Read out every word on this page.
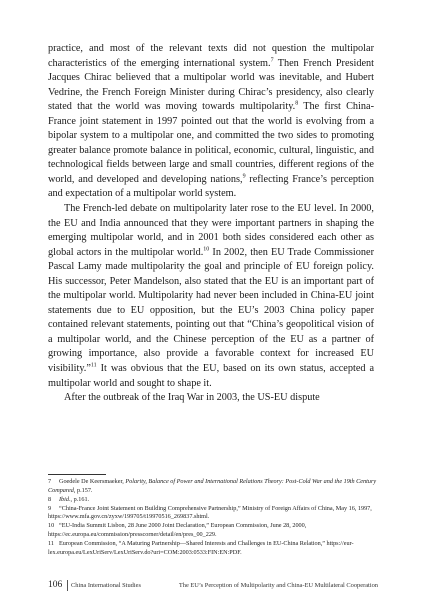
practice, and most of the relevant texts did not question the multipolar characteristics of the emerging international system.$^7$ Then French President Jacques Chirac believed that a multipolar world was inevitable, and Hubert Vedrine, the French Foreign Minister during Chirac’s presidency, also clearly stated that the world was moving towards multipolarity.$^8$ The first China-France joint statement in 1997 pointed out that the world is evolving from a bipolar system to a multipolar one, and committed the two sides to promoting greater balance promote balance in political, economic, cultural, linguistic, and technological fields between large and small countries, different regions of the world, and developed and developing nations,$^9$ reflecting France’s perception and expectation of a multipolar world system.

The French-led debate on multipolarity later rose to the EU level. In 2000, the EU and India announced that they were important partners in shaping the emerging multipolar world, and in 2001 both sides considered each other as global actors in the multipolar world.$^{10}$ In 2002, then EU Trade Commissioner Pascal Lamy made multipolarity the goal and principle of EU foreign policy. His successor, Peter Mandelson, also stated that the EU is an important part of the multipolar world. Multipolarity had never been included in China-EU joint statements due to EU opposition, but the EU’s 2003 China policy paper contained relevant statements, pointing out that “China’s geopolitical vision of a multipolar world, and the Chinese perception of the EU as a partner of growing importance, also provide a favorable context for increased EU visibility.”$^{11}$ It was obvious that the EU, based on its own status, accepted a multipolar world and sought to shape it.

After the outbreak of the Iraq War in 2003, the US-EU dispute

7 Goedele De Keersmaeker, Polarity, Balance of Power and International Relations Theory: Post-Cold War and the 19th Century Compared, p.157.

8 Ibid., p.161.

9 “China-France Joint Statement on Building Comprehensive Partnership,” Ministry of Foreign Affairs of China, May 16, 1997, https://www.mfa.gov.cn/zyxw/199705/t19970516_269837.shtml.

10 “EU-India Summit Lisbon, 28 June 2000 Joint Declaration,” European Commission, June 28, 2000, https://ec.europa.eu/commission/presscorner/detail/en/pres_00_229.

11 European Commission, “A Maturing Partnership—Shared Interests and Challenges in EU-China Relation,” https://eur-lex.europa.eu/LexUriServ/LexUriServ.do?uri=COM:2003:0533:FIN:EN:PDF.

106 China International Studies	The EU’s Perception of Multipolarity and China-EU Multilateral Cooperation
